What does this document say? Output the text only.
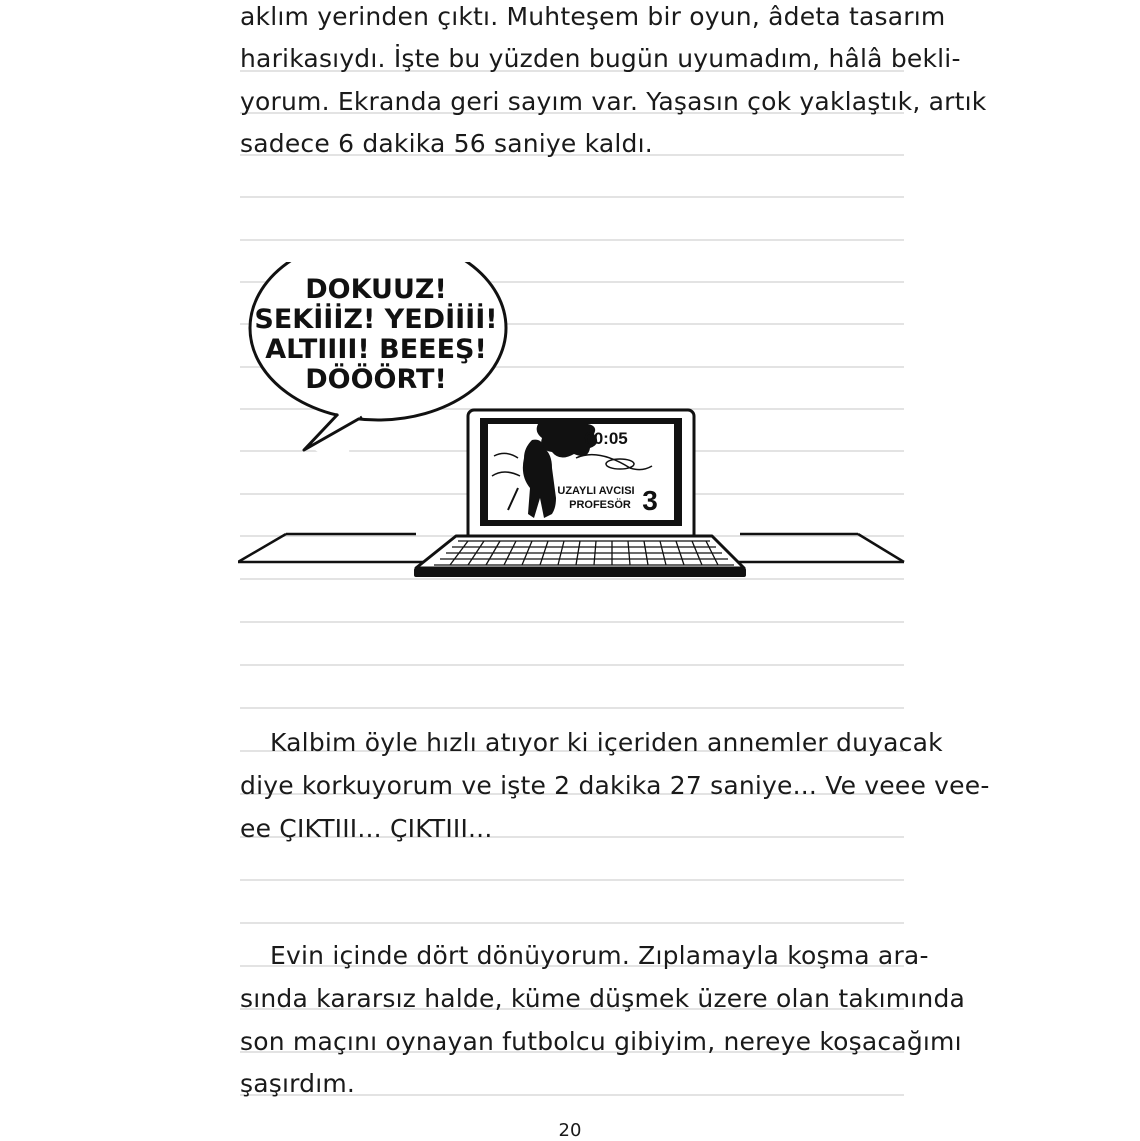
aklım yerinden çıktı. Muhteşem bir oyun, âdeta tasarım
harikasıydı. İşte bu yüzden bugün uyumadım, hâlâ bekli-
yorum. Ekranda geri sayım var. Yaşasın çok yaklaştık, artık
sadece 6 dakika 56 saniye kaldı.
DOKUUZ!
SEKİİİZ! YEDİİİİ!
ALTIIII! BEEEŞ!
DÖÖÖRT!
00:05
UZAYLI AVCISI
PROFESÖR 3
Kalbim öyle hızlı atıyor ki içeriden annemler duyacak
diye korkuyorum ve işte 2 dakika 27 saniye... Ve veee vee-
ee ÇIKTIII... ÇIKTIII...
Evin içinde dört dönüyorum. Zıplamayla koşma ara-
sında kararsız halde, küme düşmek üzere olan takımında
son maçını oynayan futbolcu gibiyim, nereye koşacağımı
şaşırdım.
20
